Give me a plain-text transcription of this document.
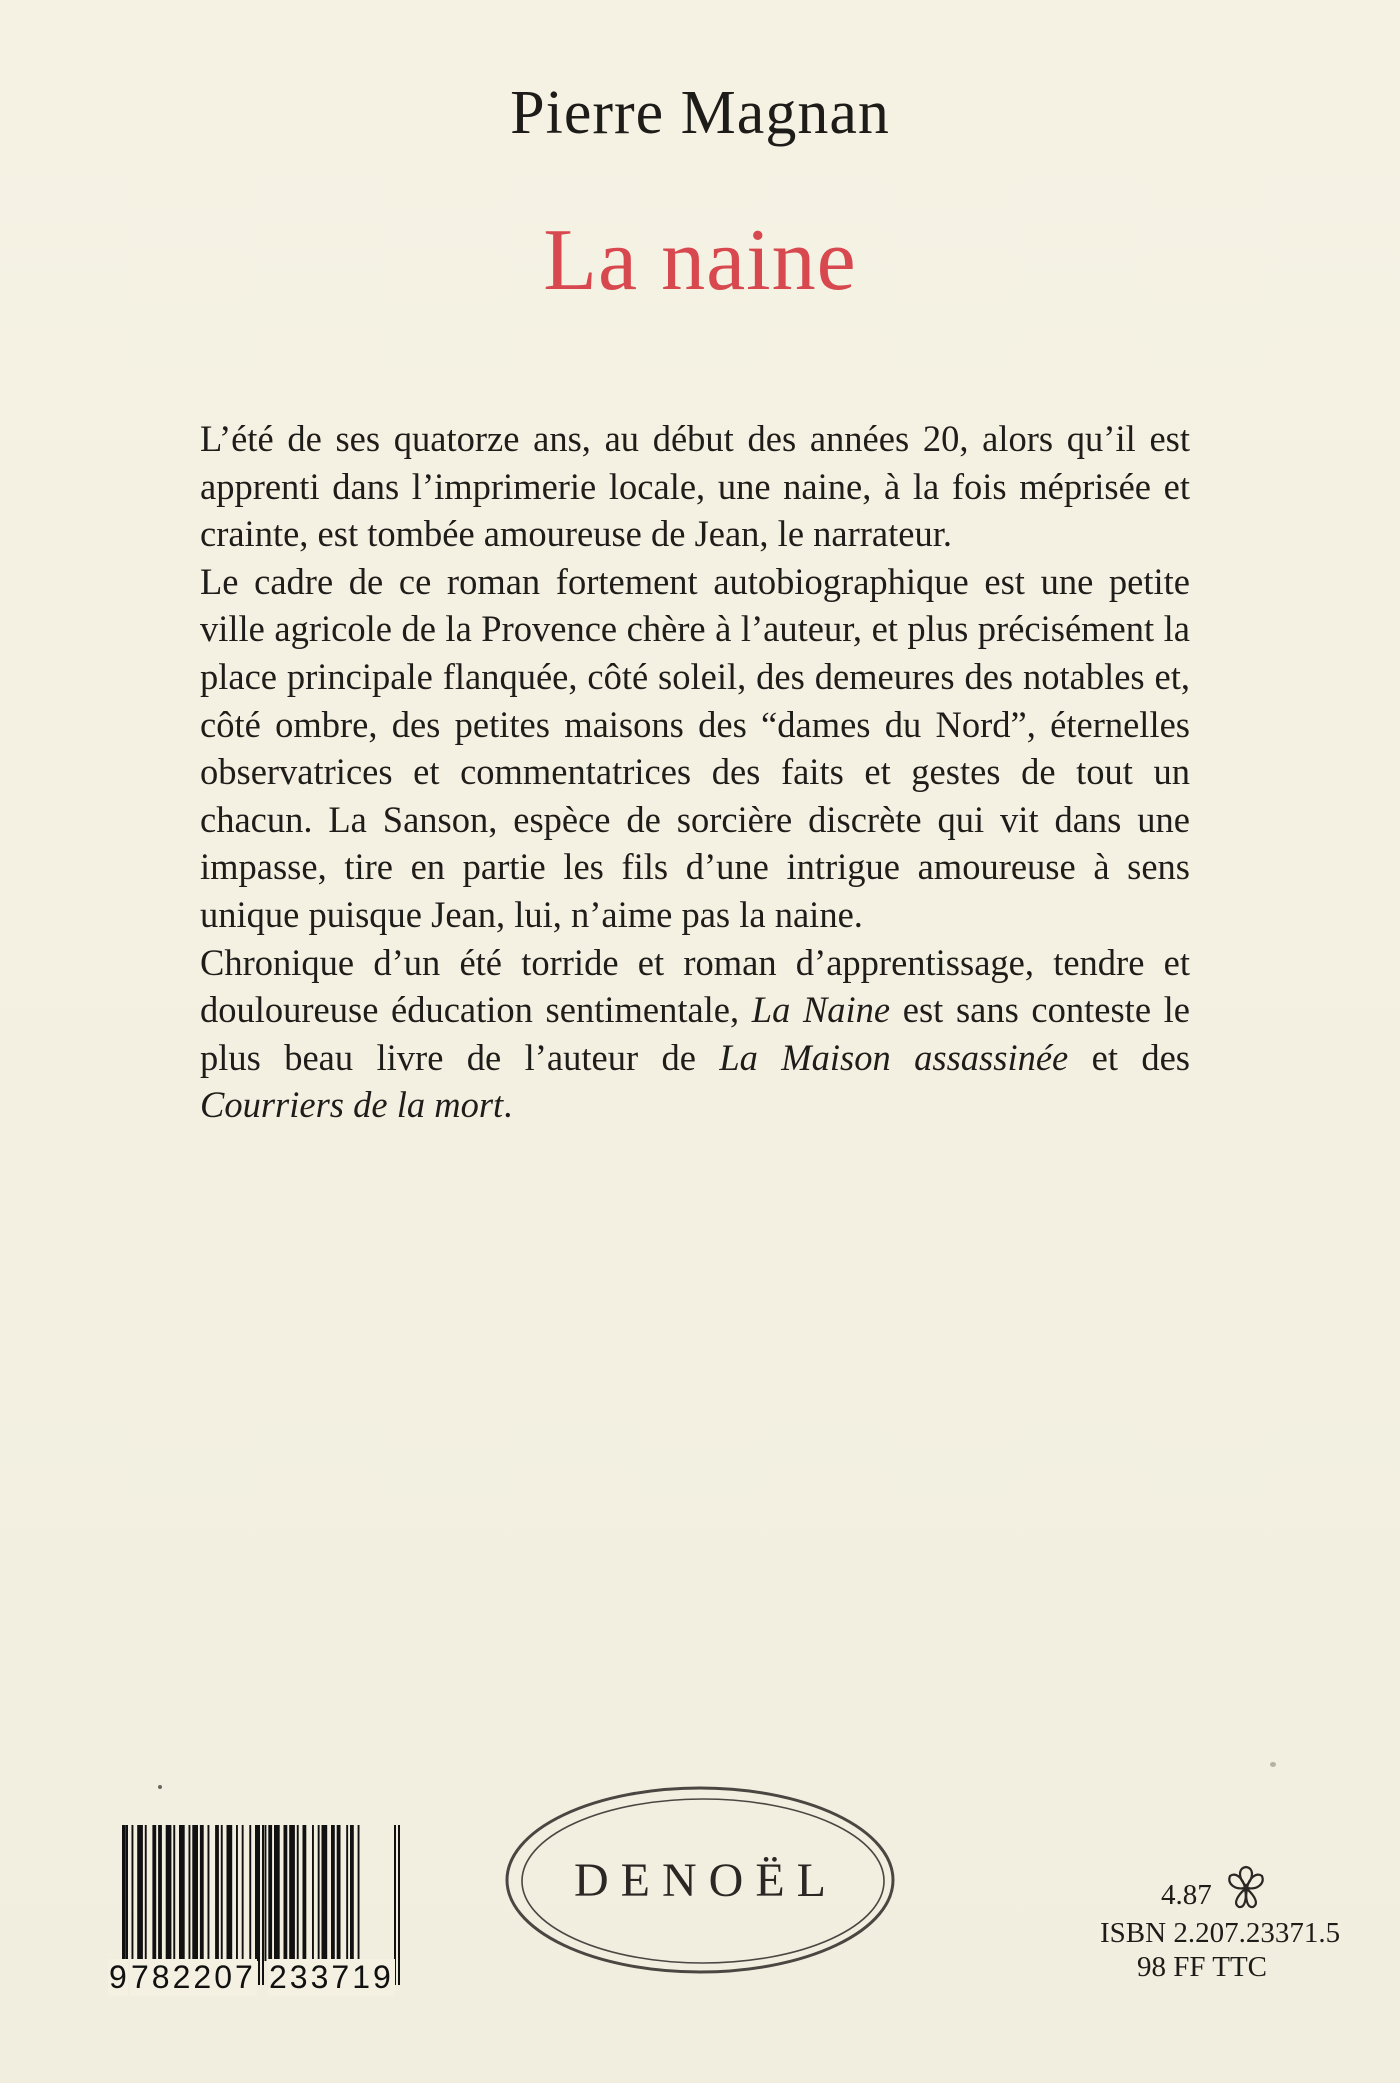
Pierre Magnan
La naine

L’été de ses quatorze ans, au début des années 20, alors qu’il est apprenti dans l’imprimerie locale, une naine, à la fois méprisée et crainte, est tombée amoureuse de Jean, le narrateur.

Le cadre de ce roman fortement autobiographique est une petite ville agricole de la Provence chère à l’auteur, et plus précisément la place principale flanquée, côté soleil, des demeures des notables et, côté ombre, des petites maisons des “dames du Nord”, éternelles observatrices et commentatrices des faits et gestes de tout un chacun. La Sanson, espèce de sorcière discrète qui vit dans une impasse, tire en partie les fils d’une intrigue amoureuse à sens unique puisque Jean, lui, n’aime pas la naine.

Chronique d’un été torride et roman d’apprentissage, tendre et douloureuse éducation sentimentale, La Naine est sans conteste le plus beau livre de l’auteur de La Maison assassinée et des Courriers de la mort.

DENOËL
9 782207 233719
4.87
ISBN 2.207.23371.5
98 FF TTC
